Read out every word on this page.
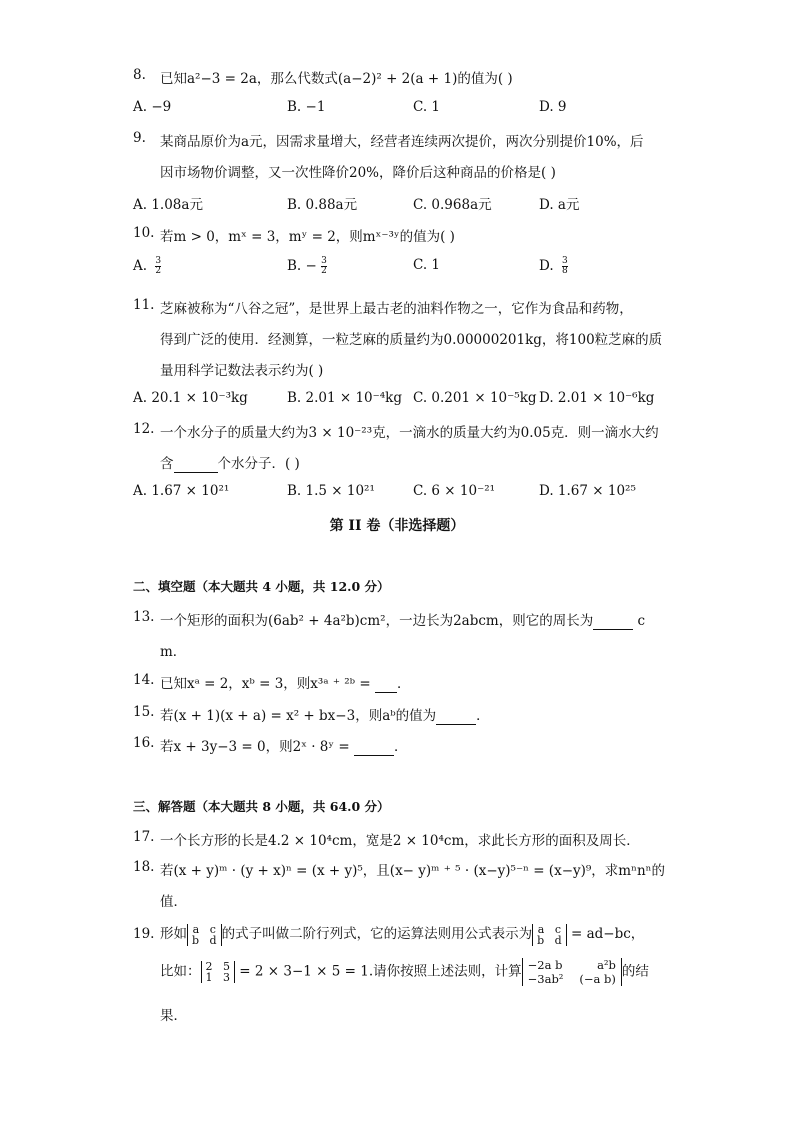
8. 已知a²−3 = 2a，那么代数式(a−2)² + 2(a + 1)的值为( )
A. −9	B. −1	C. 1	D. 9
9. 某商品原价为a元，因需求量增大，经营者连续两次提价，两次分别提价10%，后
因市场物价调整，又一次性降价20%，降价后这种商品的价格是( )
A. 1.08a元	B. 0.88a元	C. 0.968a元	D. a元
10. 若m > 0，mˣ = 3，mʸ = 2，则mˣ⁻³ʸ的值为( )
A. $\frac{3}{2}$	B. − $\frac{3}{2}$	C. 1	D. $\frac{3}{8}$
11. 芝麻被称为“八谷之冠”，是世界上最古老的油料作物之一，它作为食品和药物，
得到广泛的使用．经测算，一粒芝麻的质量约为0.00000201kg，将100粒芝麻的质
量用科学记数法表示约为( )
A. 20.1 × 10⁻³kg	B. 2.01 × 10⁻⁴kg C. 0.201 × 10⁻⁵kg D. 2.01 × 10⁻⁶kg
12. 一个水分子的质量大约为3 × 10⁻²³克，一滴水的质量大约为0.05克．则一滴水大约
含	个水分子．( )
A. 1.67 × 10²¹	B. 1.5 × 10²¹	C. 6 × 10⁻²¹	D. 1.67 × 10²⁵
第 II 卷（非选择题）
二、填空题（本大题共 4 小题，共 12.0 分）
13. 一个矩形的面积为(6ab² + 4a²b)cm²，一边长为2abcm，则它的周长为	c
m．
14. 已知xᵃ = 2，xᵇ = 3，则x³ᵃ ⁺ ²ᵇ = ．
15. 若(x + 1)(x + a) = x² + bx−3，则aᵇ的值为	．
16. 若x + 3y−3 = 0，则2ˣ · 8ʸ =	．
三、解答题（本大题共 8 小题，共 64.0 分）
17. 一个长方形的长是4.2 × 10⁴cm，宽是2 × 10⁴cm，求此长方形的面积及周长．
18. 若(x + y)ᵐ · (y + x)ⁿ = (x + y)⁵，且(x− y)ᵐ ⁺ ⁵ · (x−y)⁵⁻ⁿ = (x−y)⁹，求mⁿnⁿ的
值．
19. 形如 a c
b d 的式子叫做二阶行列式，它的运算法则用公式表示为 a c
b d = ad−bc，
比如： 2 5
1 3 = 2 × 3−1 × 5 = 1.请你按照上述法则，计算 −2a b	a²b
−3ab² (−a b) 的结
果．
